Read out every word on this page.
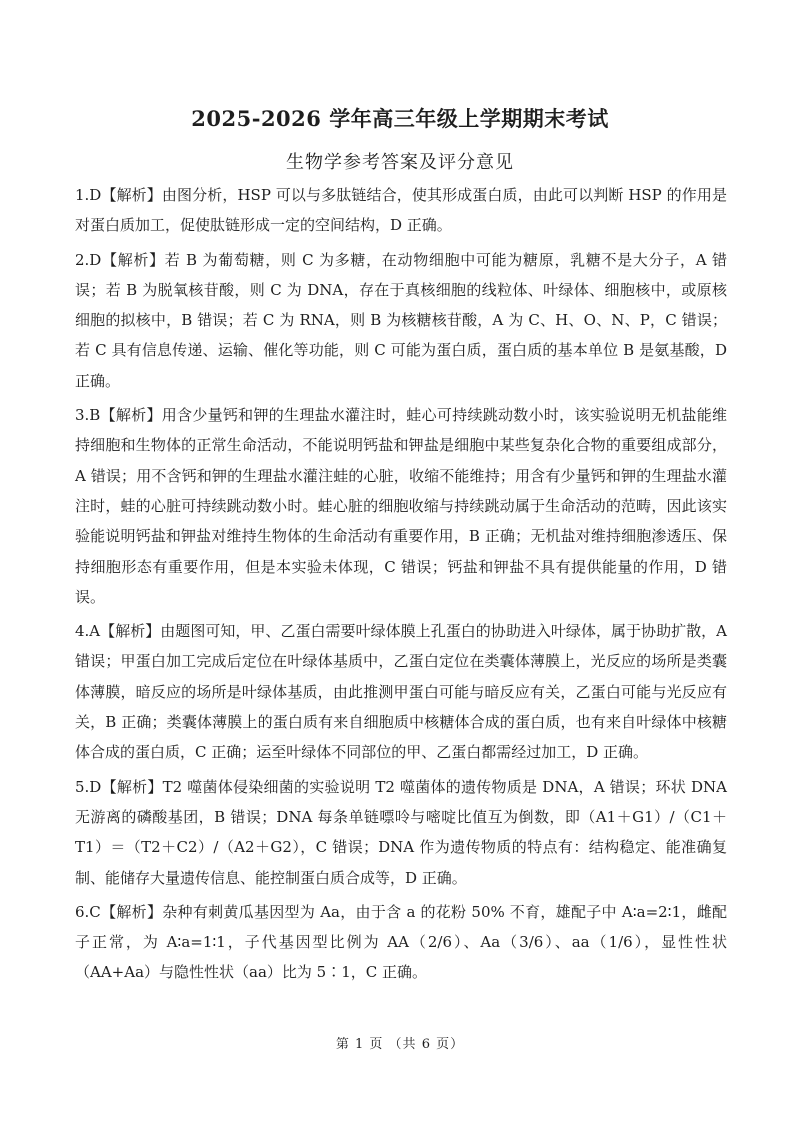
2025-2026 学年高三年级上学期期末考试
生物学参考答案及评分意见

1.D【解析】由图分析，HSP 可以与多肽链结合，使其形成蛋白质，由此可以判断 HSP 的作用是对蛋白质加工，促使肽链形成一定的空间结构，D 正确。

2.D【解析】若 B 为葡萄糖，则 C 为多糖，在动物细胞中可能为糖原，乳糖不是大分子，A 错误；若 B 为脱氧核苷酸，则 C 为 DNA，存在于真核细胞的线粒体、叶绿体、细胞核中，或原核细胞的拟核中，B 错误；若 C 为 RNA，则 B 为核糖核苷酸，A 为 C、H、O、N、P，C 错误；若 C 具有信息传递、运输、催化等功能，则 C 可能为蛋白质，蛋白质的基本单位 B 是氨基酸，D 正确。

3.B【解析】用含少量钙和钾的生理盐水灌注时，蛙心可持续跳动数小时，该实验说明无机盐能维持细胞和生物体的正常生命活动，不能说明钙盐和钾盐是细胞中某些复杂化合物的重要组成部分，A 错误；用不含钙和钾的生理盐水灌注蛙的心脏，收缩不能维持；用含有少量钙和钾的生理盐水灌注时，蛙的心脏可持续跳动数小时。蛙心脏的细胞收缩与持续跳动属于生命活动的范畴，因此该实验能说明钙盐和钾盐对维持生物体的生命活动有重要作用，B 正确；无机盐对维持细胞渗透压、保持细胞形态有重要作用，但是本实验未体现，C 错误；钙盐和钾盐不具有提供能量的作用，D 错误。

4.A【解析】由题图可知，甲、乙蛋白需要叶绿体膜上孔蛋白的协助进入叶绿体，属于协助扩散，A 错误；甲蛋白加工完成后定位在叶绿体基质中，乙蛋白定位在类囊体薄膜上，光反应的场所是类囊体薄膜，暗反应的场所是叶绿体基质，由此推测甲蛋白可能与暗反应有关，乙蛋白可能与光反应有关，B 正确；类囊体薄膜上的蛋白质有来自细胞质中核糖体合成的蛋白质，也有来自叶绿体中核糖体合成的蛋白质，C 正确；运至叶绿体不同部位的甲、乙蛋白都需经过加工，D 正确。

5.D【解析】T2 噬菌体侵染细菌的实验说明 T2 噬菌体的遗传物质是 DNA，A 错误；环状 DNA 无游离的磷酸基团，B 错误；DNA 每条单链嘌呤与嘧啶比值互为倒数，即（A1＋G1）/（C1＋T1）＝（T2＋C2）/（A2＋G2），C 错误；DNA 作为遗传物质的特点有：结构稳定、能准确复制、能储存大量遗传信息、能控制蛋白质合成等，D 正确。

6.C【解析】杂种有刺黄瓜基因型为 Aa，由于含 a 的花粉 50% 不育，雄配子中 A∶a=2∶1，雌配子正常，为 A∶a=1∶1，子代基因型比例为 AA（2/6）、Aa（3/6）、aa（1/6），显性性状（AA+Aa）与隐性性状（aa）比为 5∶1，C 正确。

第 1 页 （共 6 页）
